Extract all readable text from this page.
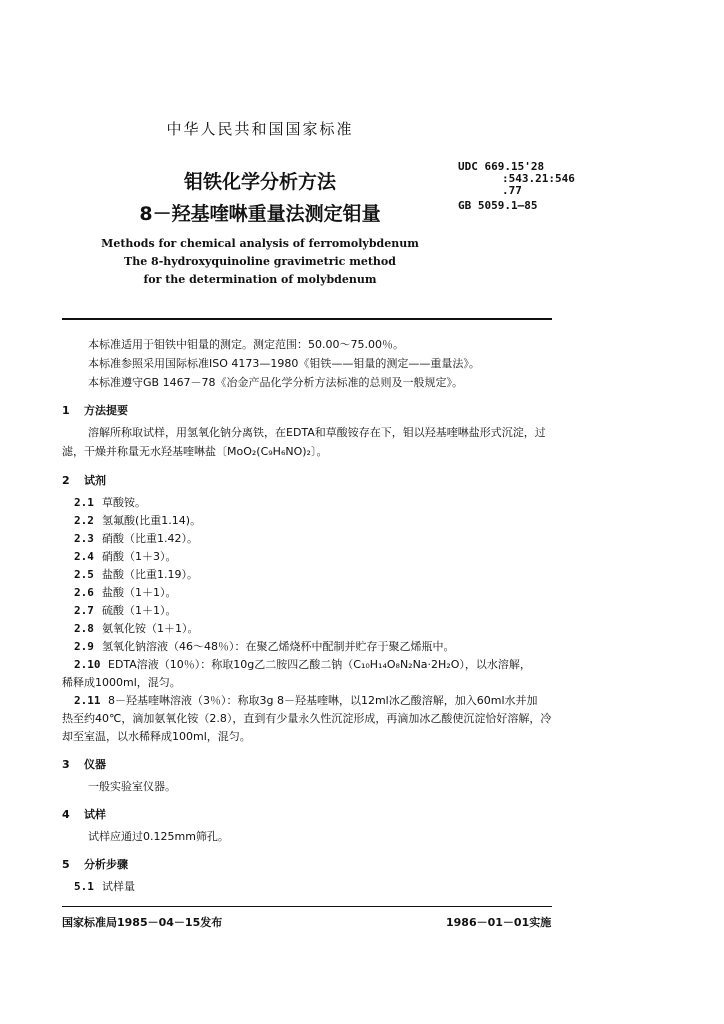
中华人民共和国国家标准
钼铁化学分析方法
8－羟基喹啉重量法测定钼量
UDC 669.15'28
:543.21:546
.77
GB 5059.1—85
Methods for chemical analysis of ferromolybdenum
The 8-hydroxyquinoline gravimetric method
for the determination of molybdenum
本标准适用于钼铁中钼量的测定。测定范围：50.00～75.00％。
本标准参照采用国际标准ISO 4173—1980《钼铁——钼量的测定——重量法》。
本标准遵守GB 1467－78《冶金产品化学分析方法标准的总则及一般规定》。
1 方法提要
溶解所称取试样，用氢氧化钠分离铁，在EDTA和草酸铵存在下，钼以羟基喹啉盐形式沉淀，过
滤，干燥并称量无水羟基喹啉盐〔MoO₂(C₉H₆NO)₂〕。
2 试剂
2.1 草酸铵。
2.2 氢氟酸(比重1.14)。
2.3 硝酸（比重1.42）。
2.4 硝酸（1＋3）。
2.5 盐酸（比重1.19）。
2.6 盐酸（1＋1）。
2.7 硫酸（1＋1）。
2.8 氨氧化铵（1＋1）。
2.9 氢氧化钠溶液（46～48％）：在聚乙烯烧杯中配制并贮存于聚乙烯瓶中。
2.10 EDTA溶液（10％）：称取10g乙二胺四乙酸二钠（C₁₀H₁₄O₈N₂Na·2H₂O），以水溶解，
稀释成1000ml，混匀。
2.11 8－羟基喹啉溶液（3％）：称取3g 8－羟基喹啉，以12ml冰乙酸溶解，加入60ml水并加
热至约40℃，滴加氨氧化铵（2.8），直到有少量永久性沉淀形成，再滴加冰乙酸使沉淀恰好溶解，冷
却至室温，以水稀释成100ml，混匀。
3 仪器
一般实验室仪器。
4 试样
试样应通过0.125mm筛孔。
5 分析步骤
5.1 试样量
国家标准局1985－04－15发布	1986－01－01实施
